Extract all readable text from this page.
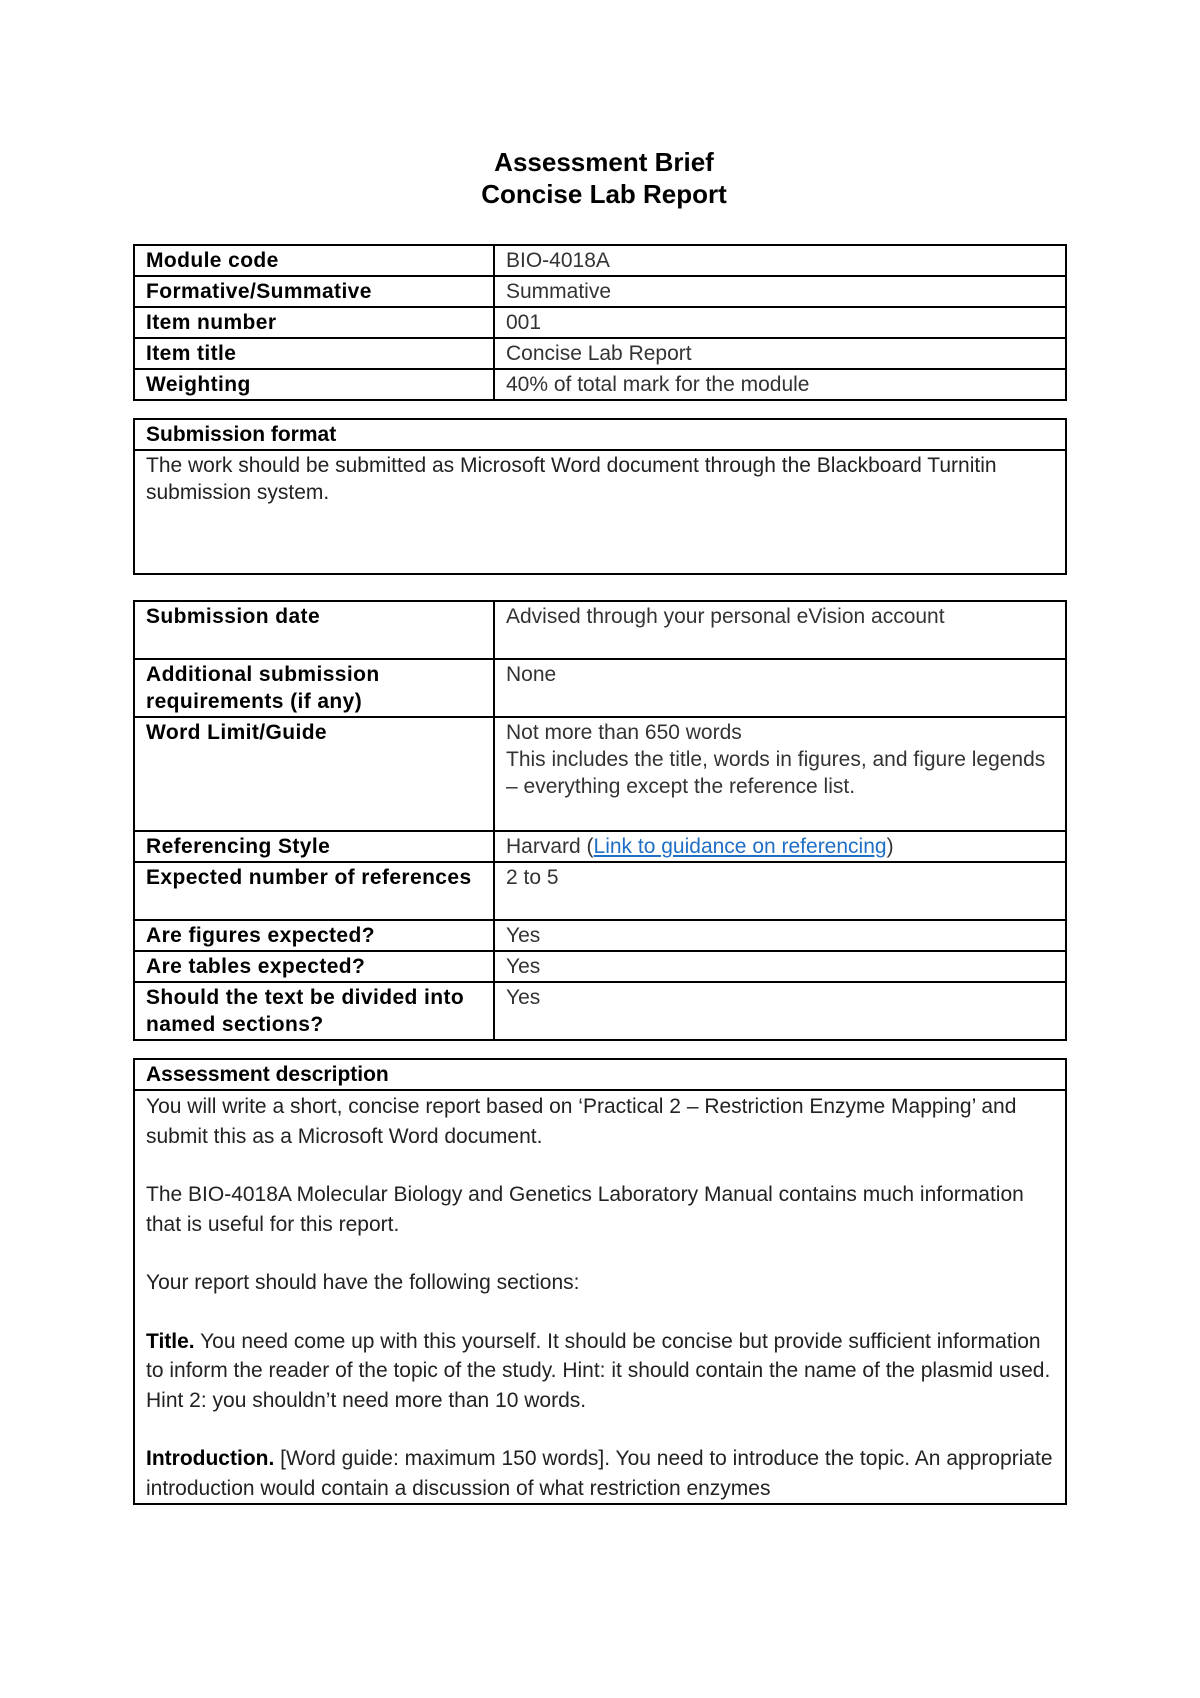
Assessment Brief
Concise Lab Report
Module code	BIO-4018A
Formative/Summative	Summative
Item number	001
Item title	Concise Lab Report
Weighting	40% of total mark for the module
Submission format
The work should be submitted as Microsoft Word document through the Blackboard Turnitin submission system.
Submission date	Advised through your personal eVision account
Additional submission requirements (if any)	None
Word Limit/Guide	Not more than 650 words
This includes the title, words in figures, and figure legends – everything except the reference list.

Referencing Style	Harvard (Link to guidance on referencing)
Expected number of references	2 to 5
Are figures expected?	Yes
Are tables expected?	Yes
Should the text be divided into named sections?	Yes
Assessment description

You will write a short, concise report based on ‘Practical 2 – Restriction Enzyme Mapping’ and submit this as a Microsoft Word document.

The BIO-4018A Molecular Biology and Genetics Laboratory Manual contains much information that is useful for this report.

Your report should have the following sections:

Title. You need come up with this yourself. It should be concise but provide sufficient information to inform the reader of the topic of the study. Hint: it should contain the name of the plasmid used. Hint 2: you shouldn’t need more than 10 words.

Introduction. [Word guide: maximum 150 words]. You need to introduce the topic. An appropriate introduction would contain a discussion of what restriction enzymes
